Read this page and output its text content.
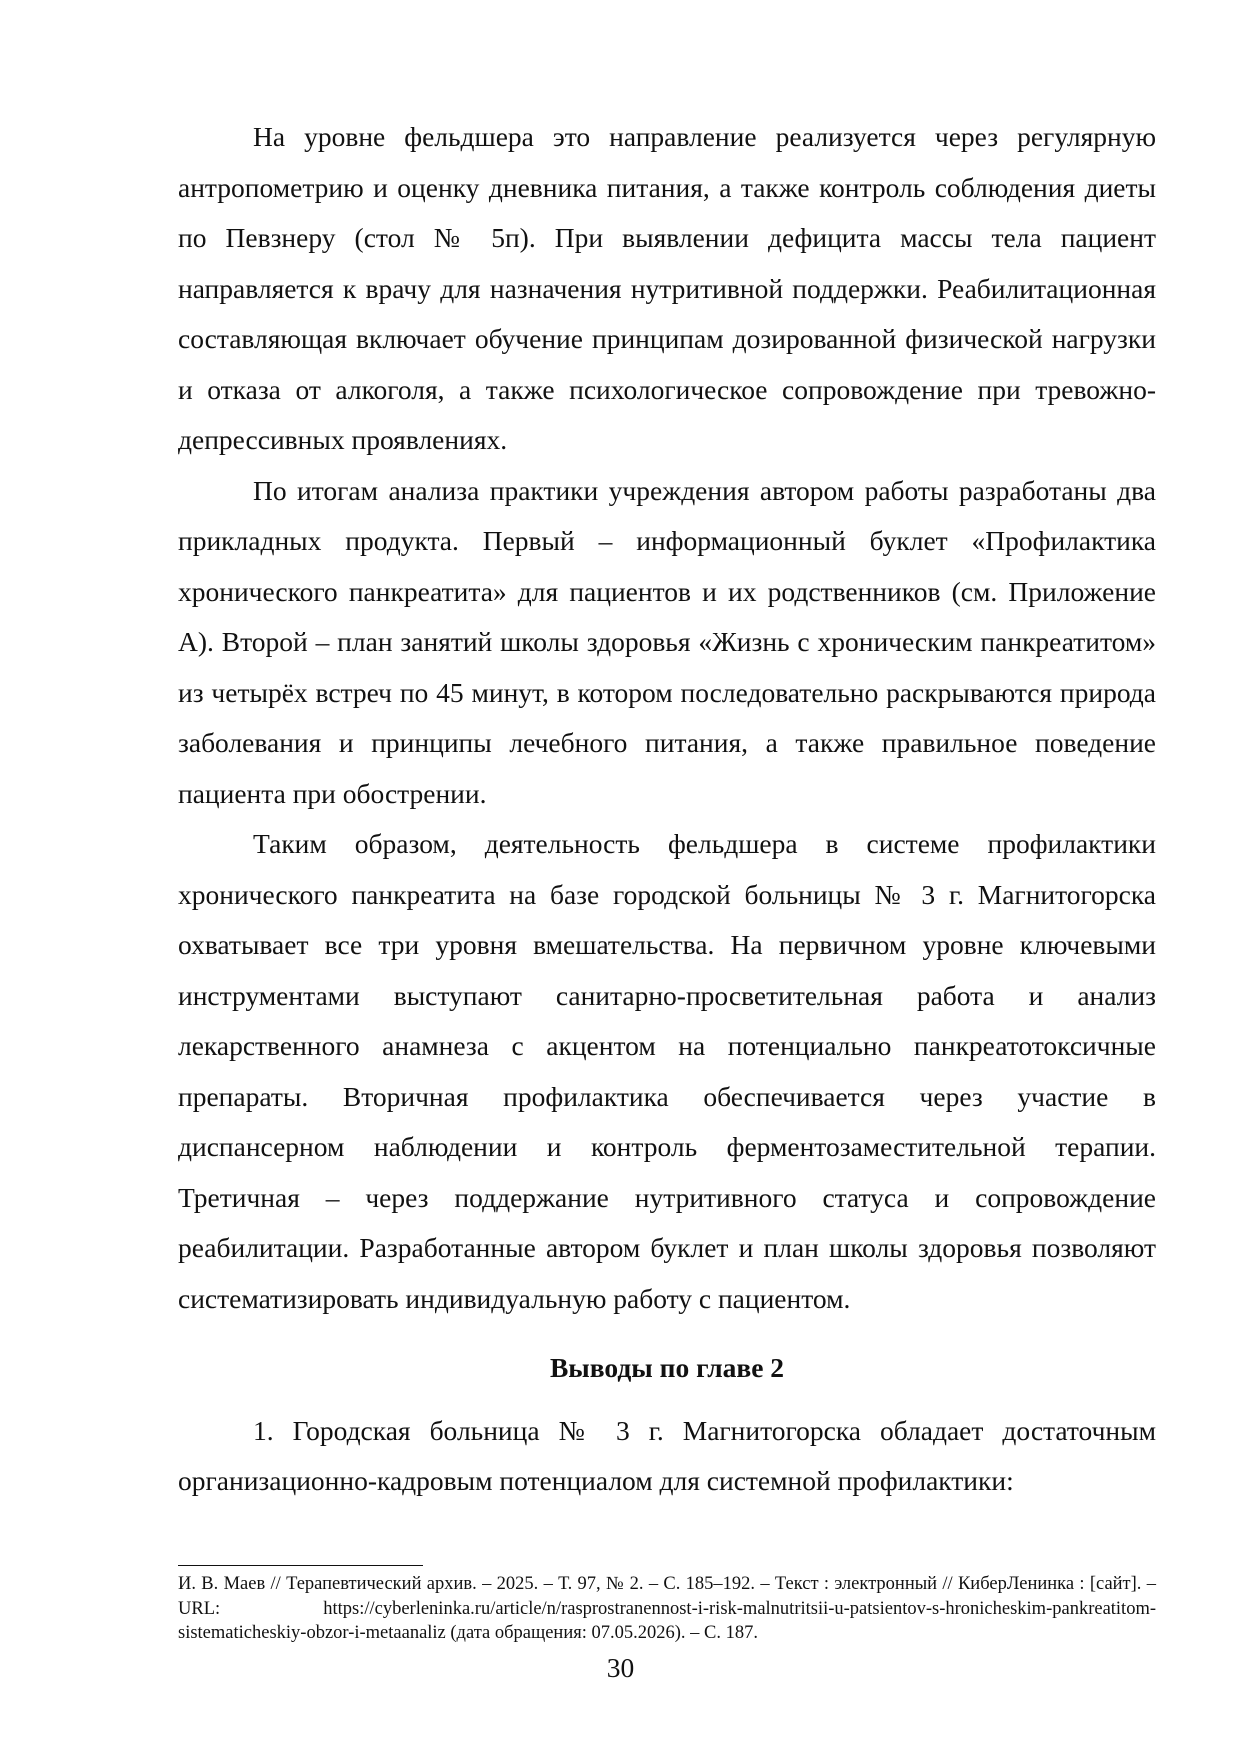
На уровне фельдшера это направление реализуется через регулярную антропометрию и оценку дневника питания, а также контроль соблюдения диеты по Певзнеру (стол № 5п). При выявлении дефицита массы тела пациент направляется к врачу для назначения нутритивной поддержки. Реабилитационная составляющая включает обучение принципам дозированной физической нагрузки и отказа от алкоголя, а также психологическое сопровождение при тревожно-депрессивных проявлениях.

По итогам анализа практики учреждения автором работы разработаны два прикладных продукта. Первый – информационный буклет «Профилактика хронического панкреатита» для пациентов и их родственников (см. Приложение А). Второй – план занятий школы здоровья «Жизнь с хроническим панкреатитом» из четырёх встреч по 45 минут, в котором последовательно раскрываются природа заболевания и принципы лечебного питания, а также правильное поведение пациента при обострении.

Таким образом, деятельность фельдшера в системе профилактики хронического панкреатита на базе городской больницы № 3 г. Магнитогорска охватывает все три уровня вмешательства. На первичном уровне ключевыми инструментами выступают санитарно-просветительная работа и анализ лекарственного анамнеза с акцентом на потенциально панкреатотоксичные препараты. Вторичная профилактика обеспечивается через участие в диспансерном наблюдении и контроль ферментозаместительной терапии. Третичная – через поддержание нутритивного статуса и сопровождение реабилитации. Разработанные автором буклет и план школы здоровья позволяют систематизировать индивидуальную работу с пациентом.

Выводы по главе 2

1. Городская больница № 3 г. Магнитогорска обладает достаточным организационно-кадровым потенциалом для системной профилактики:

И. В. Маев // Терапевтический архив. – 2025. – Т. 97, № 2. – С. 185–192. – Текст : электронный // КиберЛенинка : [сайт]. – URL: https://cyberleninka.ru/article/n/rasprostranennost-i-risk-malnutritsii-u-patsientov-s-hronicheskim-pankreatitom-sistematicheskiy-obzor-i-metaanaliz (дата обращения: 07.05.2026). – С. 187.

30
